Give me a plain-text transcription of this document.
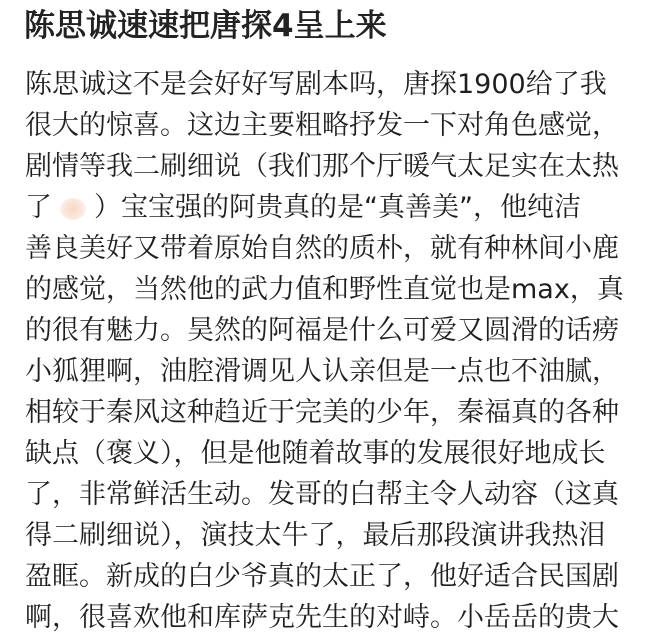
陈思诚速速把唐探4呈上来
陈思诚这不是会好好写剧本吗，唐探1900给了我
很大的惊喜。这边主要粗略抒发一下对角色感觉，
剧情等我二刷细说（我们那个厅暖气太足实在太热
了 ）宝宝强的阿贵真的是“真善美”，他纯洁
善良美好又带着原始自然的质朴，就有种林间小鹿
的感觉，当然他的武力值和野性直觉也是max，真
的很有魅力。昊然的阿福是什么可爱又圆滑的话痨
小狐狸啊，油腔滑调见人认亲但是一点也不油腻，
相较于秦风这种趋近于完美的少年，秦福真的各种
缺点（褒义），但是他随着故事的发展很好地成长
了，非常鲜活生动。发哥的白帮主令人动容（这真
得二刷细说），演技太牛了，最后那段演讲我热泪
盈眶。新成的白少爷真的太正了，他好适合民国剧
啊，很喜欢他和库萨克先生的对峙。小岳岳的贵大
